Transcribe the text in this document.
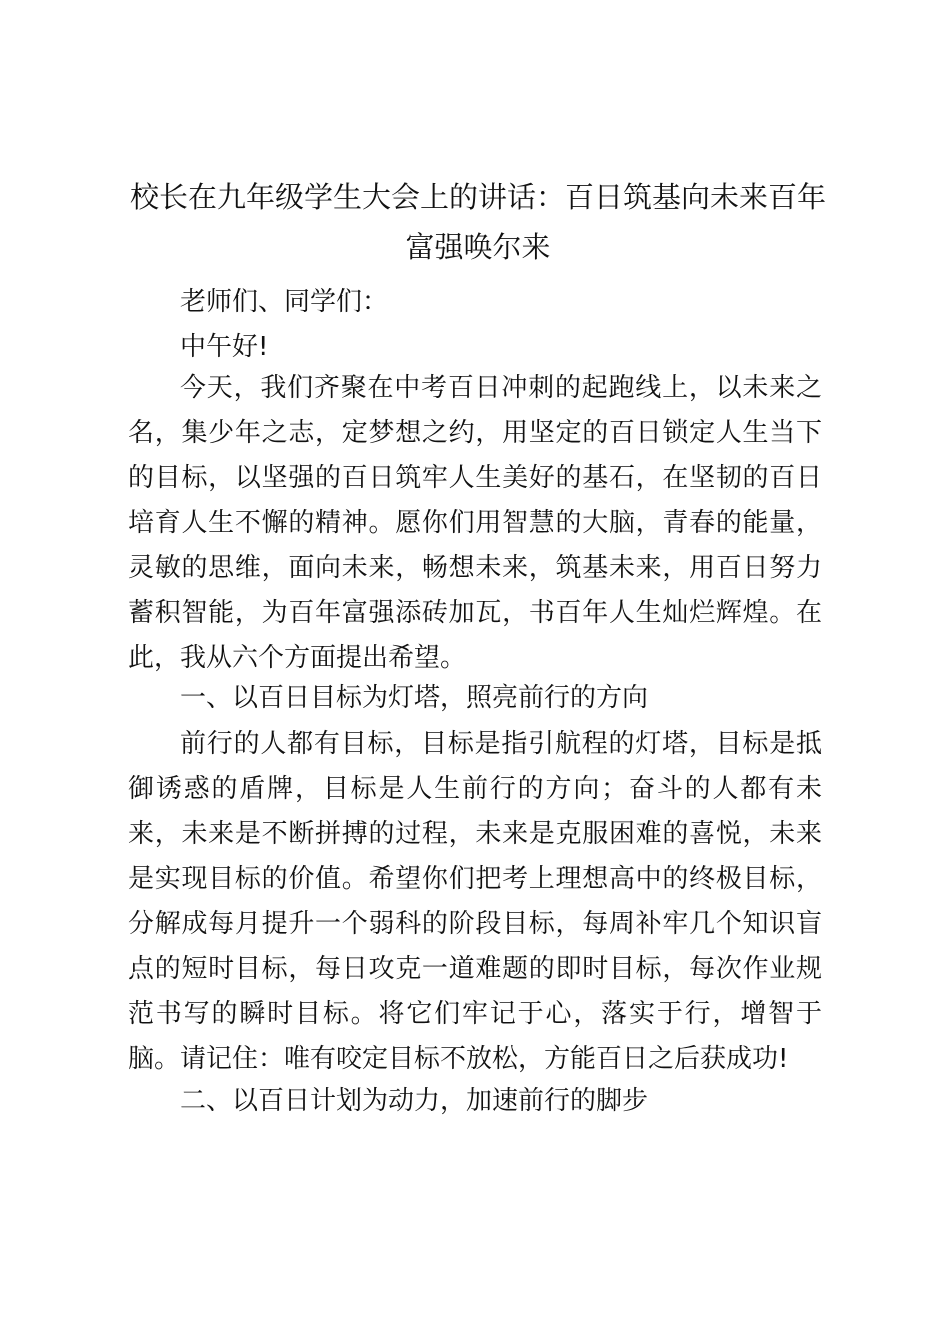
校长在九年级学生大会上的讲话：百日筑基向未来百年
富强唤尔来

老师们、同学们：

中午好!

今天，我们齐聚在中考百日冲刺的起跑线上，以未来之名，集少年之志，定梦想之约，用坚定的百日锁定人生当下的目标，以坚强的百日筑牢人生美好的基石，在坚韧的百日培育人生不懈的精神。愿你们用智慧的大脑，青春的能量，灵敏的思维，面向未来，畅想未来，筑基未来，用百日努力蓄积智能，为百年富强添砖加瓦，书百年人生灿烂辉煌。在此，我从六个方面提出希望。

一、以百日目标为灯塔，照亮前行的方向

前行的人都有目标，目标是指引航程的灯塔，目标是抵御诱惑的盾牌，目标是人生前行的方向；奋斗的人都有未来，未来是不断拼搏的过程，未来是克服困难的喜悦，未来是实现目标的价值。希望你们把考上理想高中的终极目标，分解成每月提升一个弱科的阶段目标，每周补牢几个知识盲点的短时目标，每日攻克一道难题的即时目标，每次作业规范书写的瞬时目标。将它们牢记于心，落实于行，增智于脑。请记住：唯有咬定目标不放松，方能百日之后获成功!

二、以百日计划为动力，加速前行的脚步
